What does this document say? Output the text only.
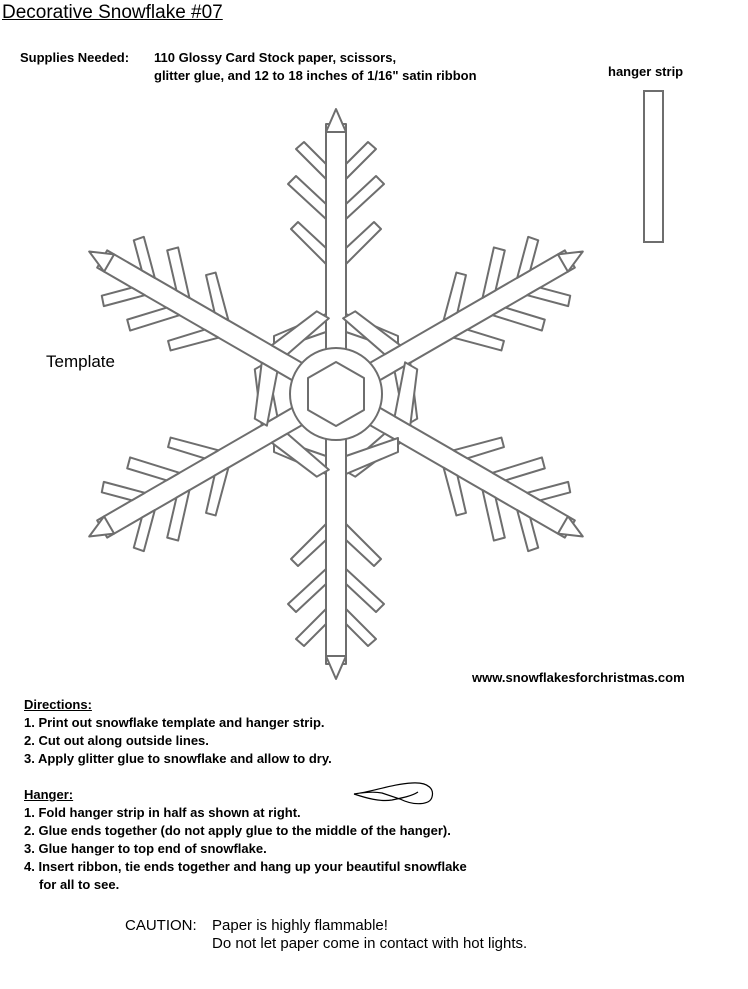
Decorative Snowflake #07
Supplies Needed: 110 Glossy Card Stock paper, scissors,
glitter glue, and 12 to 18 inches of 1/16" satin ribbon	hanger strip
Template
www.snowflakesforchristmas.com
Directions:
1. Print out snowflake template and hanger strip.
2. Cut out along outside lines.
3. Apply glitter glue to snowflake and allow to dry.
Hanger:
1. Fold hanger strip in half as shown at right.
2. Glue ends together (do not apply glue to the middle of the hanger).
3. Glue hanger to top end of snowflake.
4. Insert ribbon, tie ends together and hang up your beautiful snowflake
for all to see.
CAUTION: Paper is highly flammable!
Do not let paper come in contact with hot lights.
